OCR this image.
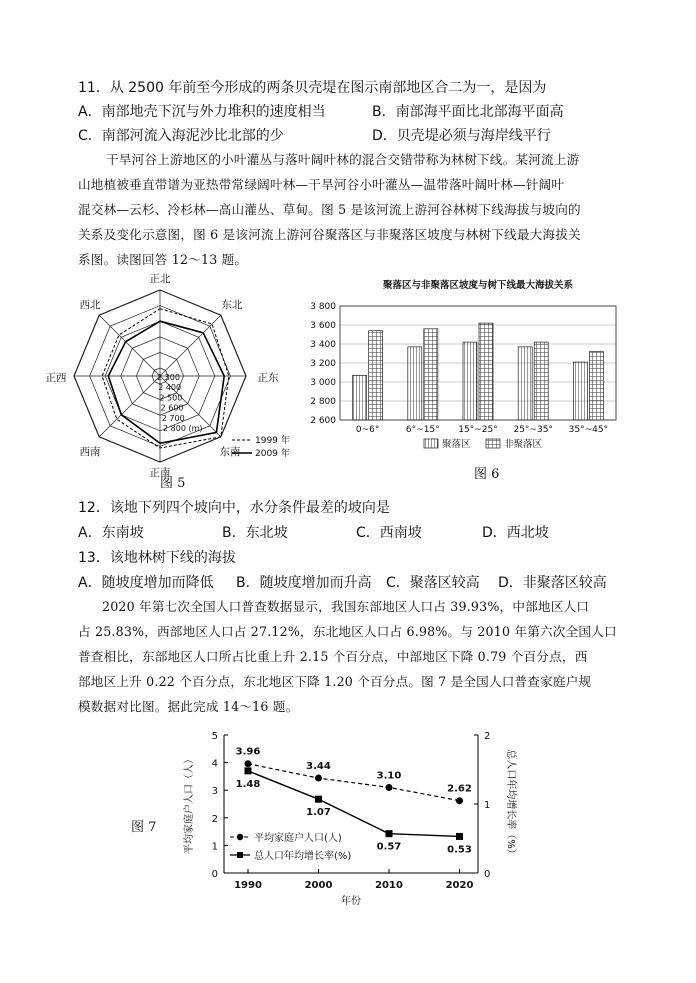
11．从 2500 年前至今形成的两条贝壳堤在图示南部地区合二为一，是因为
A．南部地壳下沉与外力堆积的速度相当	B．南部海平面比北部海平面高
C．南部河流入海泥沙比北部的少	D．贝壳堤必须与海岸线平行
干旱河谷上游地区的小叶灌丛与落叶阔叶林的混合交错带称为林树下线。某河流上游
山地植被垂直带谱为亚热带常绿阔叶林—干旱河谷小叶灌丛—温带落叶阔叶林—针阔叶
混交林—云杉、冷杉林—高山灌丛、草甸。图 5 是该河流上游河谷林树下线海拔与坡向的
关系及变化示意图，图 6 是该河流上游河谷聚落区与非聚落区坡度与林树下线最大海拔关
系图。读图回答 12～13 题。
正北
东北
正东
东南
正南
西南
正西
西北
2 300
2 400
2 500
2 600
2 700
2 800 (m)
1999 年
2009 年
图 5
聚落区与非聚落区坡度与树下线最大海拔关系
2 600
2 800
3 000
3 200
3 400
3 600
3 800
0~6°	6°~15° 15°~25° 25°~35° 35°~45°
聚落区	非聚落区
图 6
12．该地下列四个坡向中，水分条件最差的坡向是
A．东南坡	B．东北坡	C．西南坡	D．西北坡
13．该地林树下线的海拔
A．随坡度增加而降低 B．随坡度增加而升高 C．聚落区较高 D．非聚落区较高
2020 年第七次全国人口普查数据显示，我国东部地区人口占 39.93%，中部地区人口
占 25.83%，西部地区人口占 27.12%，东北地区人口占 6.98%。与 2010 年第六次全国人口
普查相比，东部地区人口所占比重上升 2.15 个百分点，中部地区下降 0.79 个百分点，西
部地区上升 0.22 个百分点，东北地区下降 1.20 个百分点。图 7 是全国人口普查家庭户规
模数据对比图。据此完成 14～16 题。
图 7
0
1
2
3
4
5
0
1
2
1990	2000	2010	2020
年份
平均家庭户人口（人）	总人口年均增长率（%）
3.96
3.44
3.10
2.62
1.48
1.07
0.57	0.53
平均家庭户人口(人)
总人口年均增长率(%)
